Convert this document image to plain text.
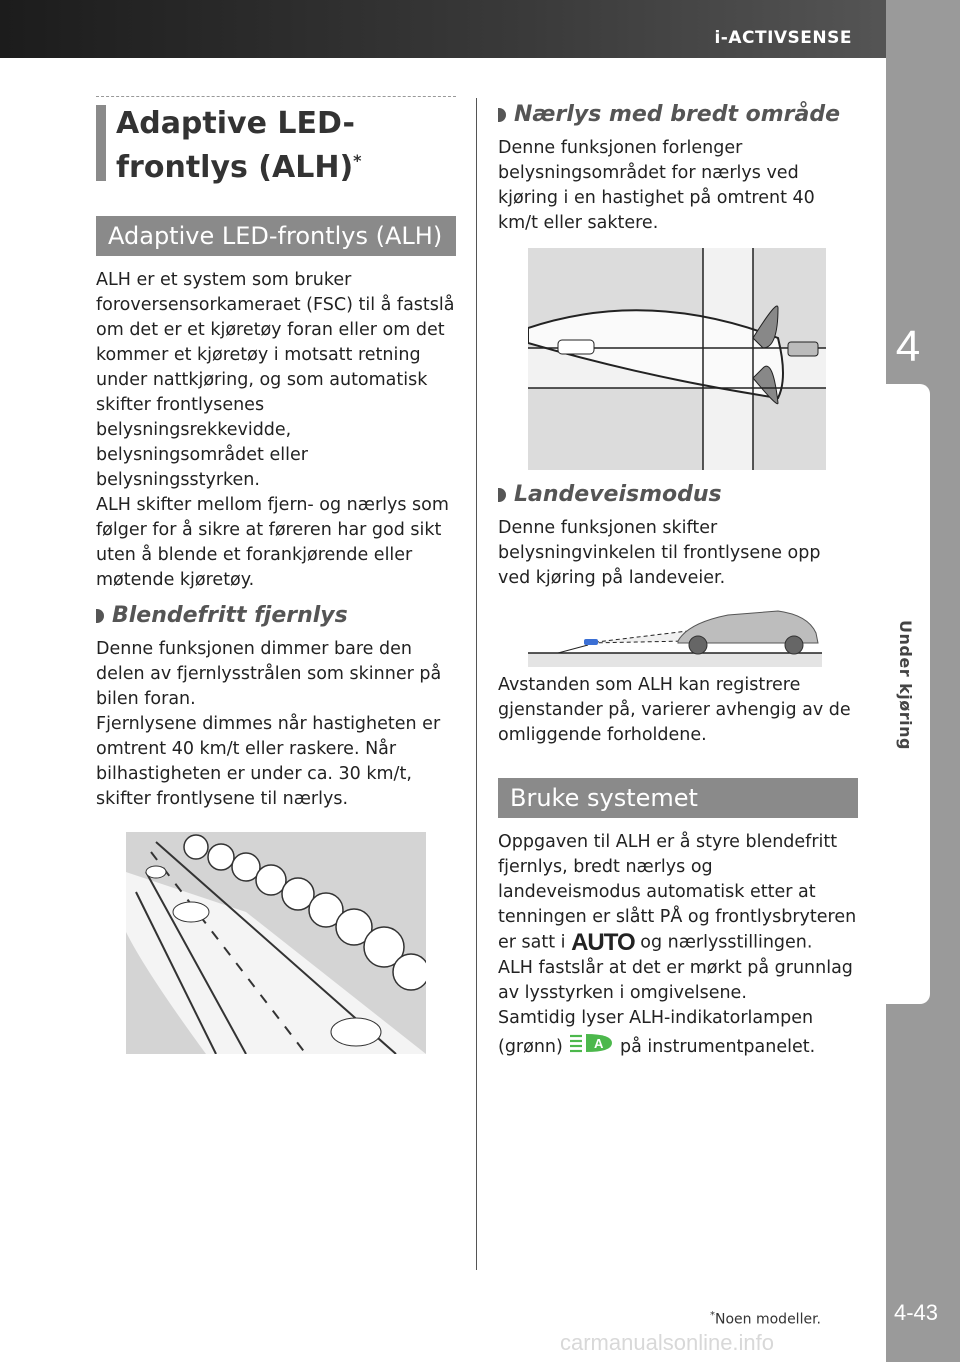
i-ACTIVSENSE
4
Under kjøring
4-43
Adaptive LED-
frontlys (ALH)*
Adaptive LED-frontlys (ALH)

ALH er et system som bruker foroversensorkameraet (FSC) til å fastslå om det er et kjøretøy foran eller om det kommer et kjøretøy i motsatt retning under nattkjøring, og som automatisk skifter frontlysenes belysningsrekkevidde, belysningsområdet eller belysningsstyrken.

ALH skifter mellom fjern- og nærlys som følger for å sikre at føreren har god sikt uten å blende et forankjørende eller møtende kjøretøy.

Blendefritt fjernlys

Denne funksjonen dimmer bare den delen av fjernlysstrålen som skinner på bilen foran.

Fjernlysene dimmes når hastigheten er omtrent 40 km/t eller raskere. Når bilhastigheten er under ca. 30 km/t, skifter frontlysene til nærlys.

Nærlys med bredt område

Denne funksjonen forlenger belysningsområdet for nærlys ved kjøring i en hastighet på omtrent 40 km/t eller saktere.

Landeveismodus

Denne funksjonen skifter belysningvinkelen til frontlysene opp ved kjøring på landeveier.

Avstanden som ALH kan registrere gjenstander på, varierer avhengig av de omliggende forholdene.

Bruke systemet

Oppgaven til ALH er å styre blendefritt fjernlys, bredt nærlys og landeveismodus automatisk etter at tenningen er slått PÅ og frontlysbryteren er satt i AUTO og nærlysstillingen.

ALH fastslår at det er mørkt på grunnlag av lysstyrken i omgivelsene.

Samtidig lyser ALH-indikatorlampen (grønn) A på instrumentpanelet.

*Noen modeller.
carmanualsonline.info
